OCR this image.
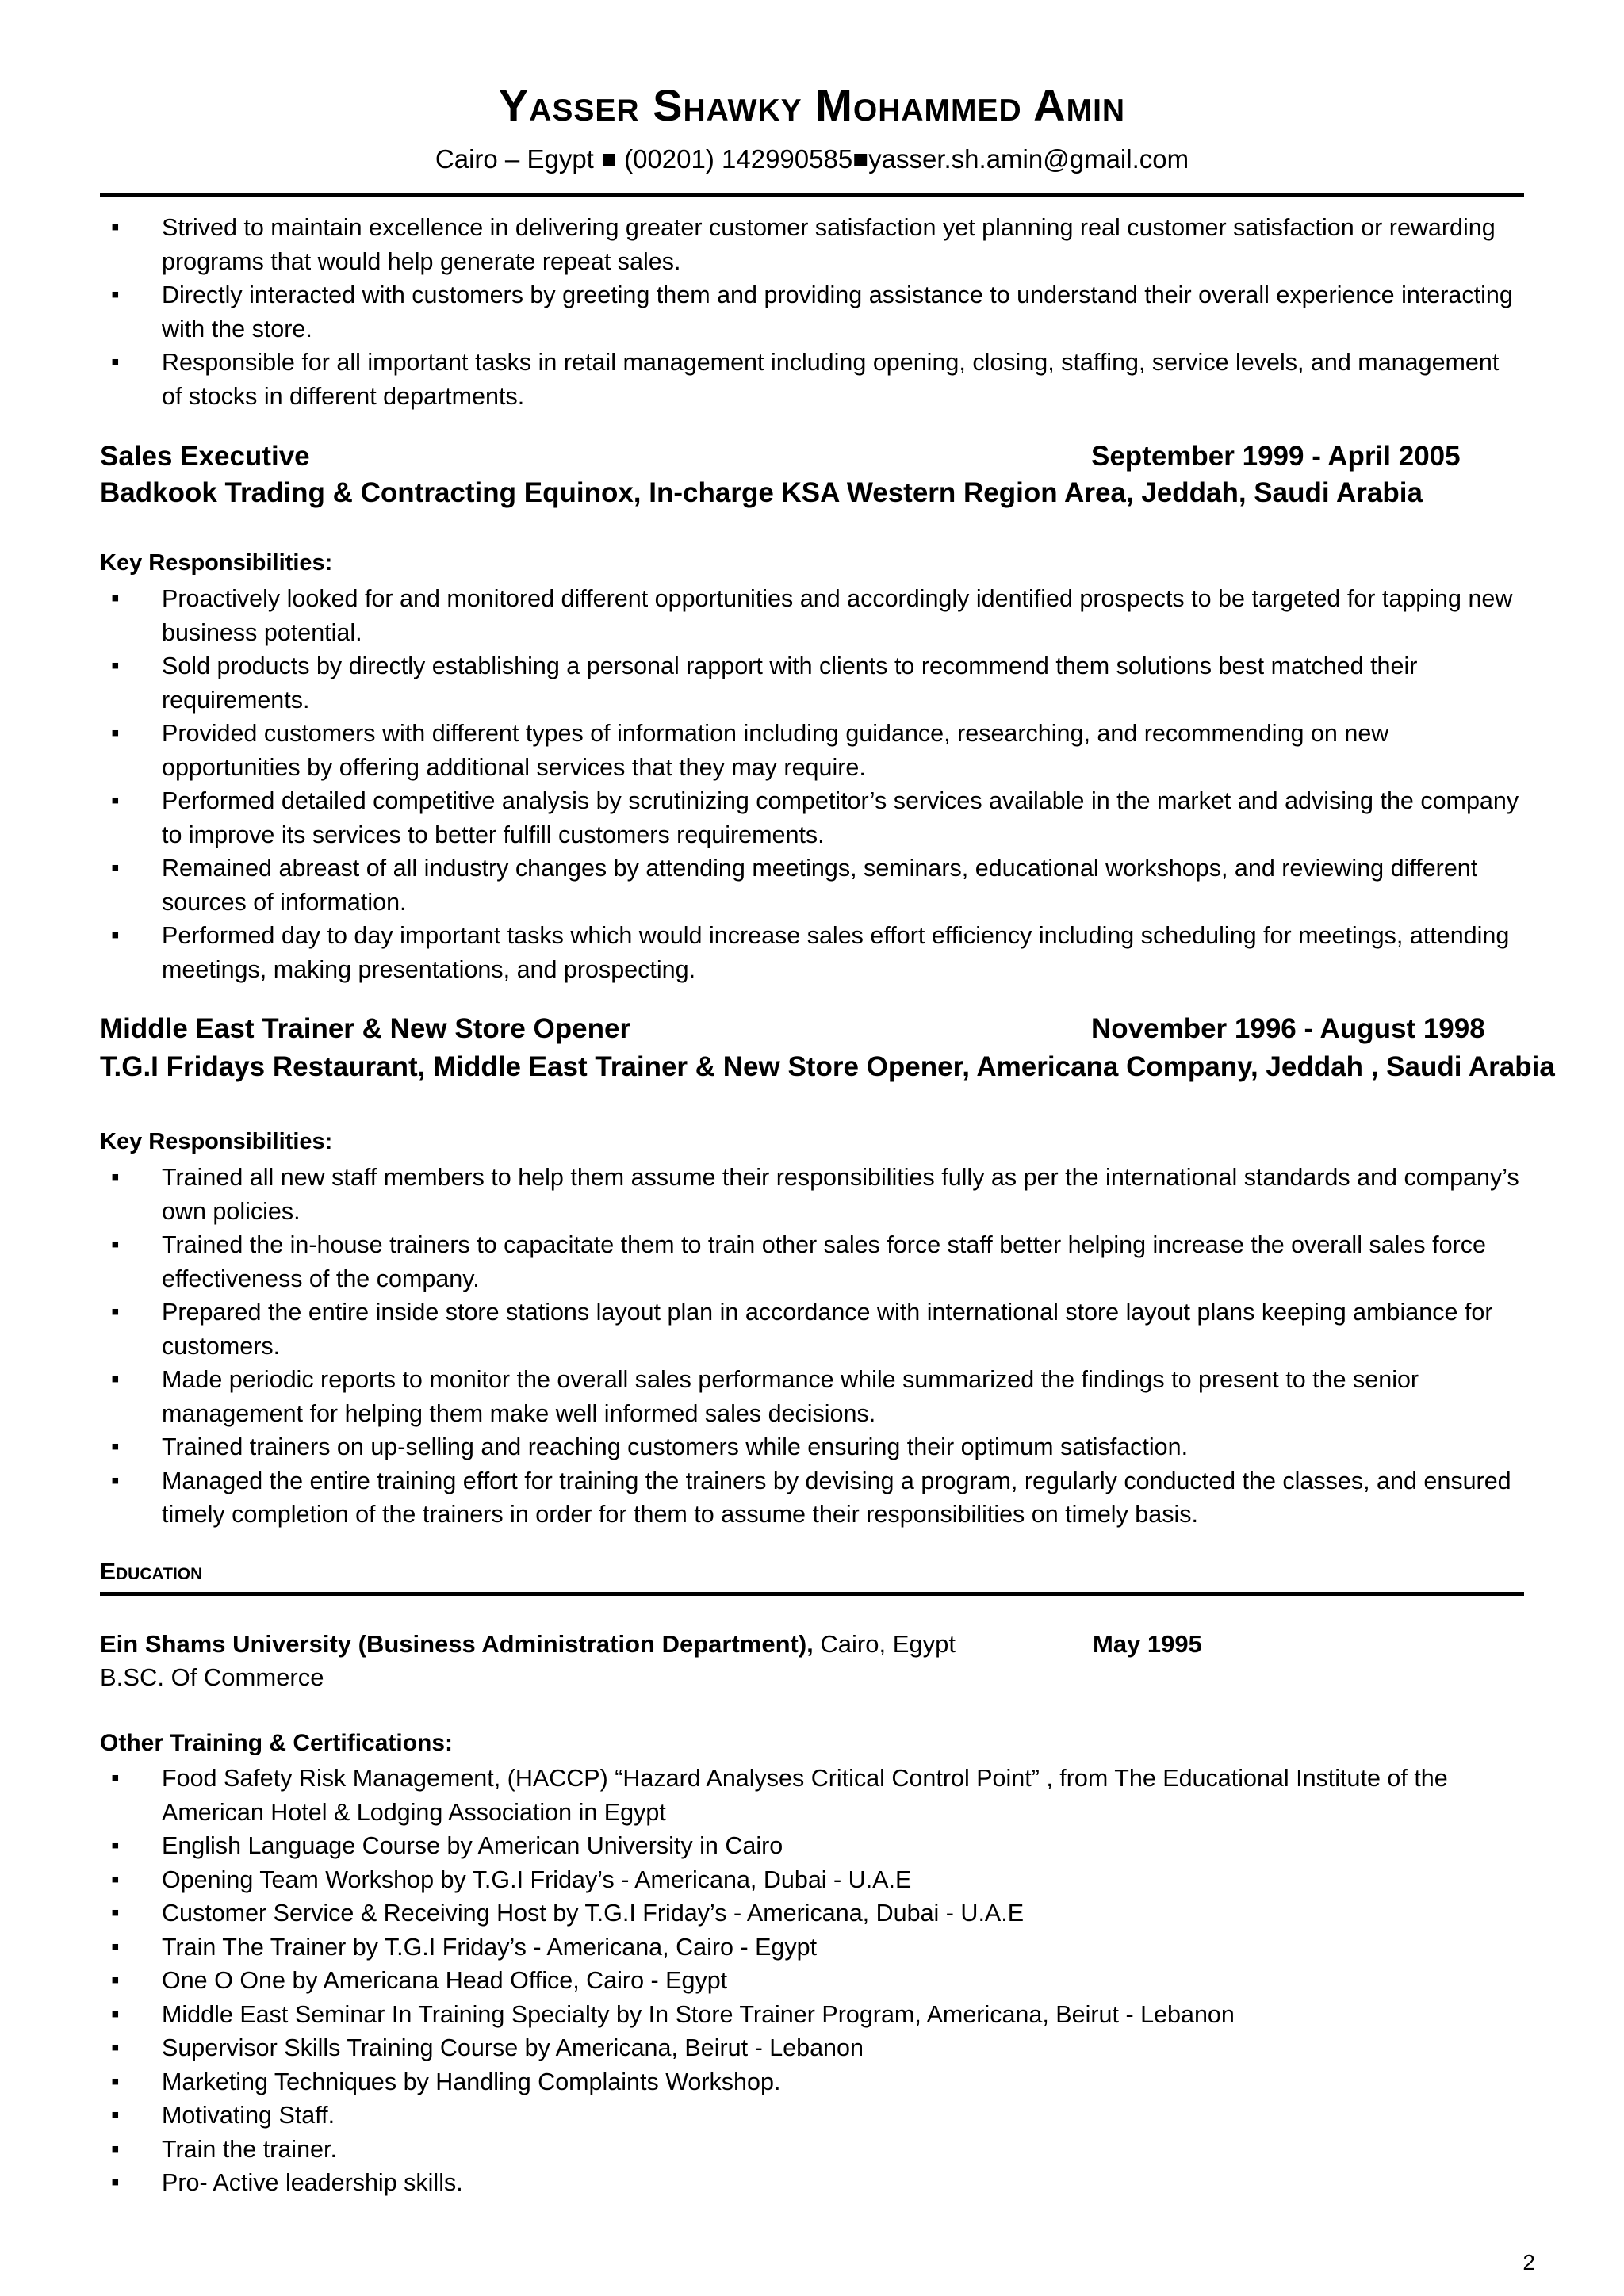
Yasser Shawky Mohammed Amin
Cairo – Egypt ■ (00201) 142990585■yasser.sh.amin@gmail.com
▪ Strived to maintain excellence in delivering greater customer satisfaction yet planning real customer satisfaction or rewarding programs that would help generate repeat sales.
▪ Directly interacted with customers by greeting them and providing assistance to understand their overall experience interacting with the store.
▪ Responsible for all important tasks in retail management including opening, closing, staffing, service levels, and management of stocks in different departments.
Sales Executive	September 1999 - April 2005
Badkook Trading & Contracting Equinox, In-charge KSA Western Region Area, Jeddah, Saudi Arabia
Key Responsibilities:
▪ Proactively looked for and monitored different opportunities and accordingly identified prospects to be targeted for tapping new business potential.
▪ Sold products by directly establishing a personal rapport with clients to recommend them solutions best matched their requirements.
▪ Provided customers with different types of information including guidance, researching, and recommending on new opportunities by offering additional services that they may require.
▪ Performed detailed competitive analysis by scrutinizing competitor’s services available in the market and advising the company to improve its services to better fulfill customers requirements.
▪ Remained abreast of all industry changes by attending meetings, seminars, educational workshops, and reviewing different sources of information.
▪ Performed day to day important tasks which would increase sales effort efficiency including scheduling for meetings, attending meetings, making presentations, and prospecting.
Middle East Trainer & New Store Opener	November 1996 - August 1998
T.G.I Fridays Restaurant, Middle East Trainer & New Store Opener, Americana Company, Jeddah , Saudi Arabia
Key Responsibilities:
▪ Trained all new staff members to help them assume their responsibilities fully as per the international standards and company’s own policies.
▪ Trained the in-house trainers to capacitate them to train other sales force staff better helping increase the overall sales force effectiveness of the company.
▪ Prepared the entire inside store stations layout plan in accordance with international store layout plans keeping ambiance for customers.
▪ Made periodic reports to monitor the overall sales performance while summarized the findings to present to the senior management for helping them make well informed sales decisions.
▪ Trained trainers on up-selling and reaching customers while ensuring their optimum satisfaction.
▪ Managed the entire training effort for training the trainers by devising a program, regularly conducted the classes, and ensured timely completion of the trainers in order for them to assume their responsibilities on timely basis.
Education
Ein Shams University (Business Administration Department), Cairo, Egypt	May 1995
B.SC. Of Commerce
Other Training & Certifications:
▪ Food Safety Risk Management, (HACCP) “Hazard Analyses Critical Control Point” , from The Educational Institute of the American Hotel & Lodging Association in Egypt
▪ English Language Course by American University in Cairo
▪ Opening Team Workshop by T.G.I Friday’s - Americana, Dubai - U.A.E
▪ Customer Service & Receiving Host by T.G.I Friday’s - Americana, Dubai - U.A.E
▪ Train The Trainer by T.G.I Friday’s - Americana, Cairo - Egypt
▪ One O One by Americana Head Office, Cairo - Egypt
▪ Middle East Seminar In Training Specialty by In Store Trainer Program, Americana, Beirut - Lebanon
▪ Supervisor Skills Training Course by Americana, Beirut - Lebanon
▪ Marketing Techniques by Handling Complaints Workshop.
▪ Motivating Staff.
▪ Train the trainer.
▪ Pro- Active leadership skills.
2
